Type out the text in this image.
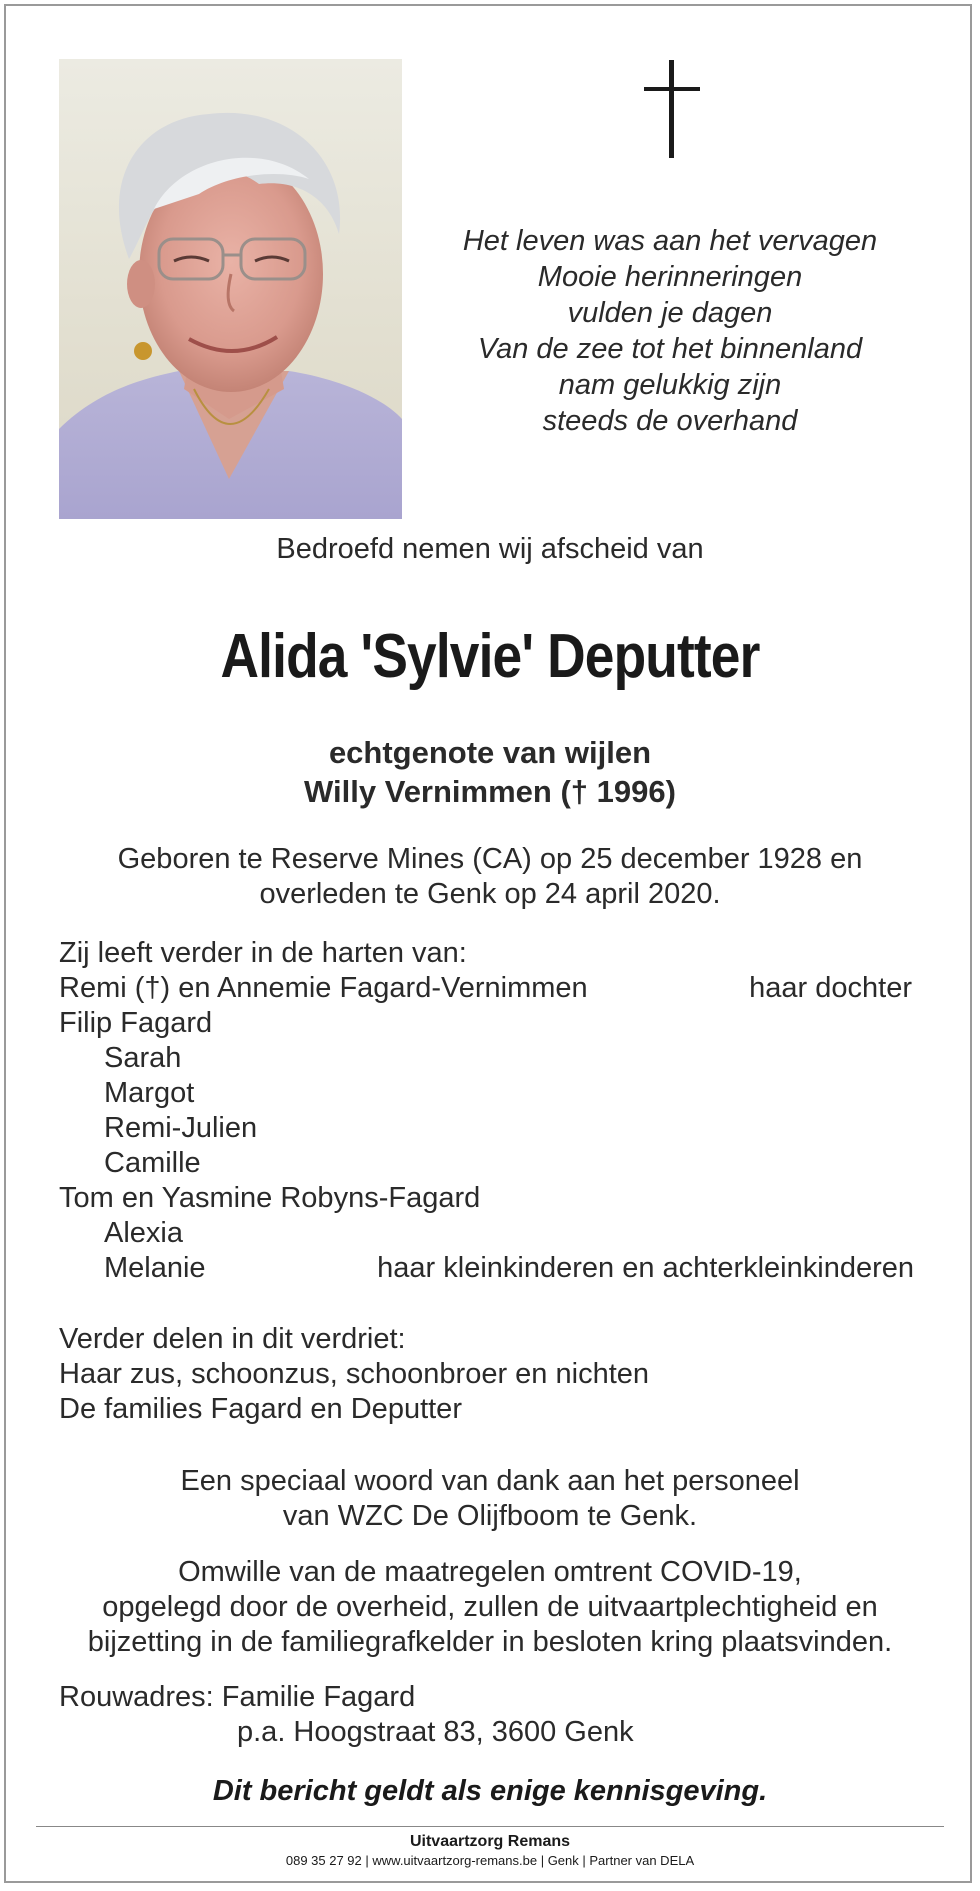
Het leven was aan het vervagen
Mooie herinneringen
vulden je dagen
Van de zee tot het binnenland
nam gelukkig zijn
steeds de overhand
Bedroefd nemen wij afscheid van
Alida 'Sylvie' Deputter
echtgenote van wijlen
Willy Vernimmen († 1996)
Geboren te Reserve Mines (CA) op 25 december 1928 en
overleden te Genk op 24 april 2020.
Zij leeft verder in de harten van:
Remi (†) en Annemie Fagard-Vernimmen	haar dochter
Filip Fagard
Sarah
Margot
Remi-Julien
Camille
Tom en Yasmine Robyns-Fagard
Alexia
Melanie	haar kleinkinderen en achterkleinkinderen
Verder delen in dit verdriet:
Haar zus, schoonzus, schoonbroer en nichten
De families Fagard en Deputter
Een speciaal woord van dank aan het personeel
van WZC De Olijfboom te Genk.
Omwille van de maatregelen omtrent COVID-19,
opgelegd door de overheid, zullen de uitvaartplechtigheid en
bijzetting in de familiegrafkelder in besloten kring plaatsvinden.
Rouwadres: Familie Fagard
p.a. Hoogstraat 83, 3600 Genk
Dit bericht geldt als enige kennisgeving.
Uitvaartzorg Remans
089 35 27 92 | www.uitvaartzorg-remans.be | Genk | Partner van DELA
